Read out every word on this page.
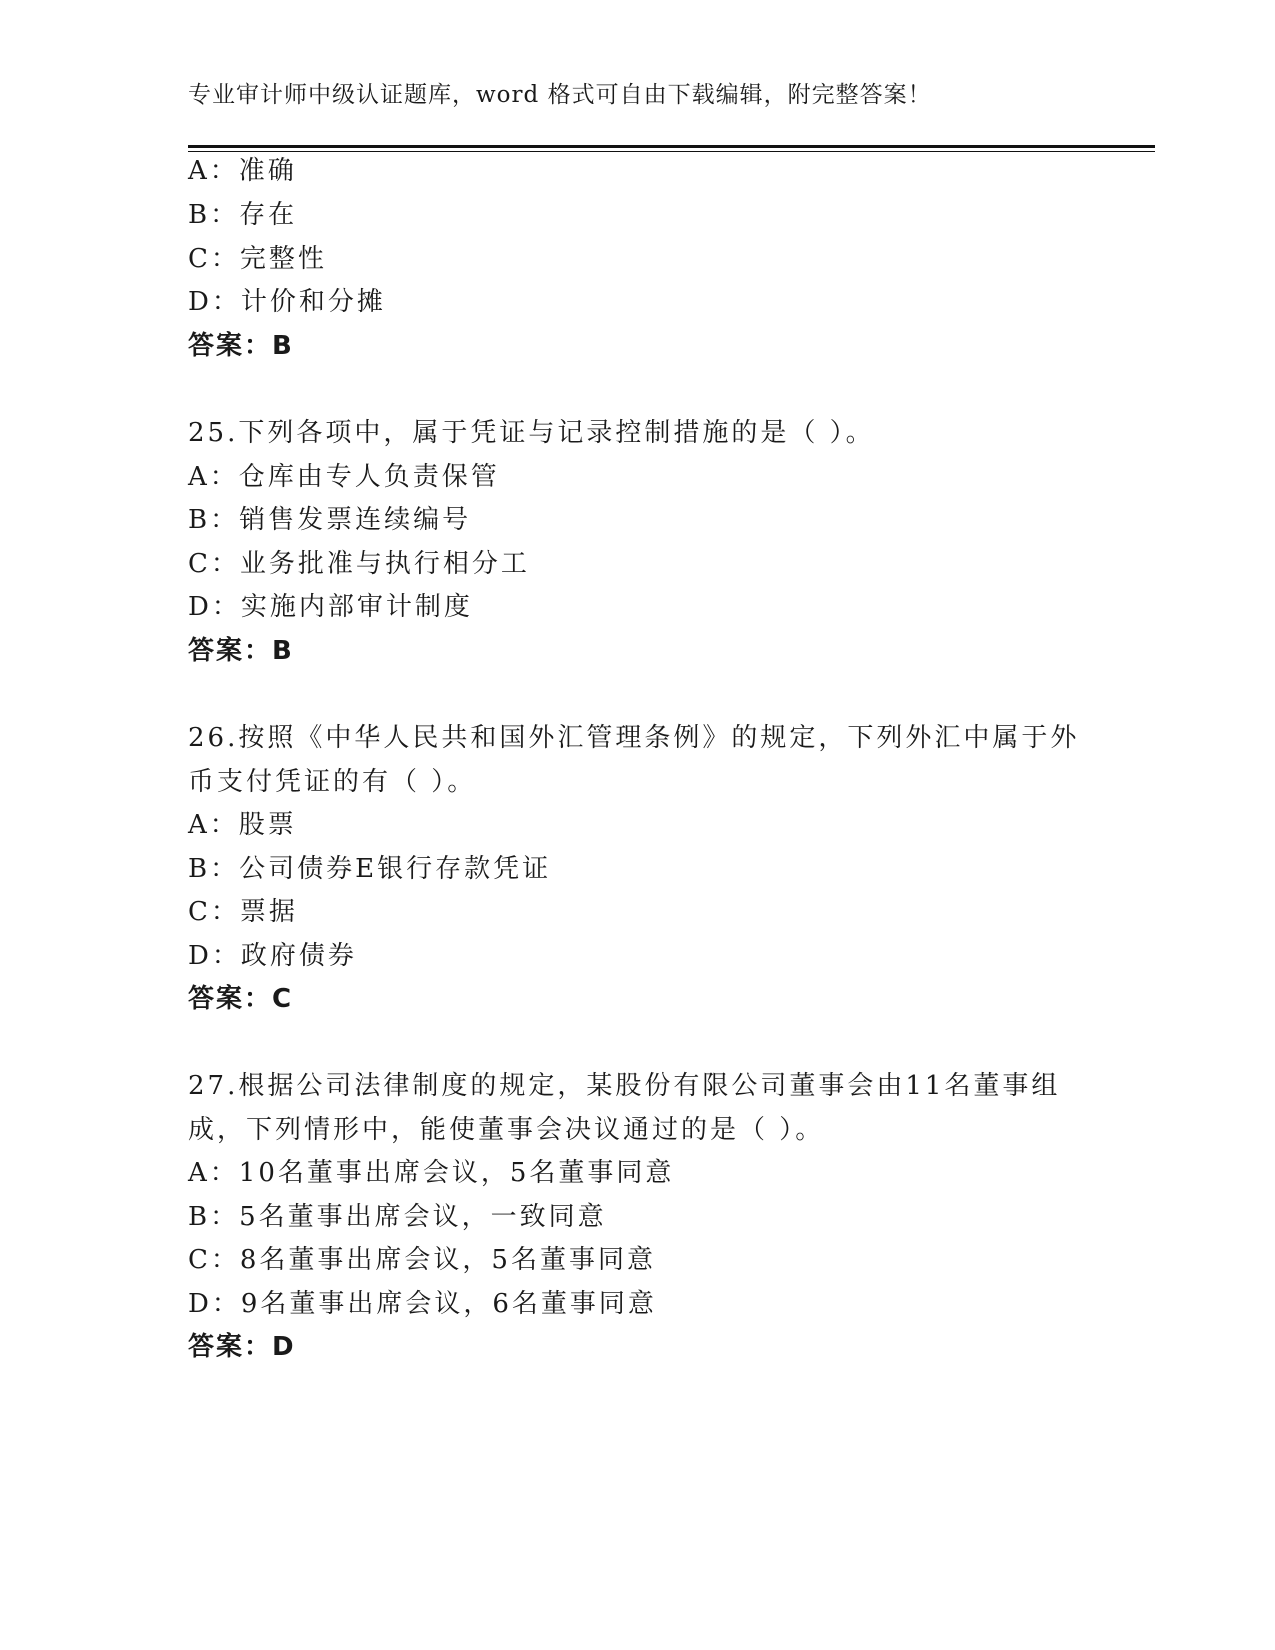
专业审计师中级认证题库，word 格式可自由下载编辑，附完整答案！
A：准确
B：存在
C：完整性
D：计价和分摊
答案：B
25.下列各项中，属于凭证与记录控制措施的是（ ）。
A：仓库由专人负责保管
B：销售发票连续编号
C：业务批准与执行相分工
D：实施内部审计制度
答案：B
26.按照《中华人民共和国外汇管理条例》的规定，下列外汇中属于外
币支付凭证的有（ ）。
A：股票
B：公司债券E银行存款凭证
C：票据
D：政府债券
答案：C
27.根据公司法律制度的规定，某股份有限公司董事会由11名董事组
成，下列情形中，能使董事会决议通过的是（ ）。
A：10名董事出席会议，5名董事同意
B：5名董事出席会议，一致同意
C：8名董事出席会议，5名董事同意
D：9名董事出席会议，6名董事同意
答案：D
